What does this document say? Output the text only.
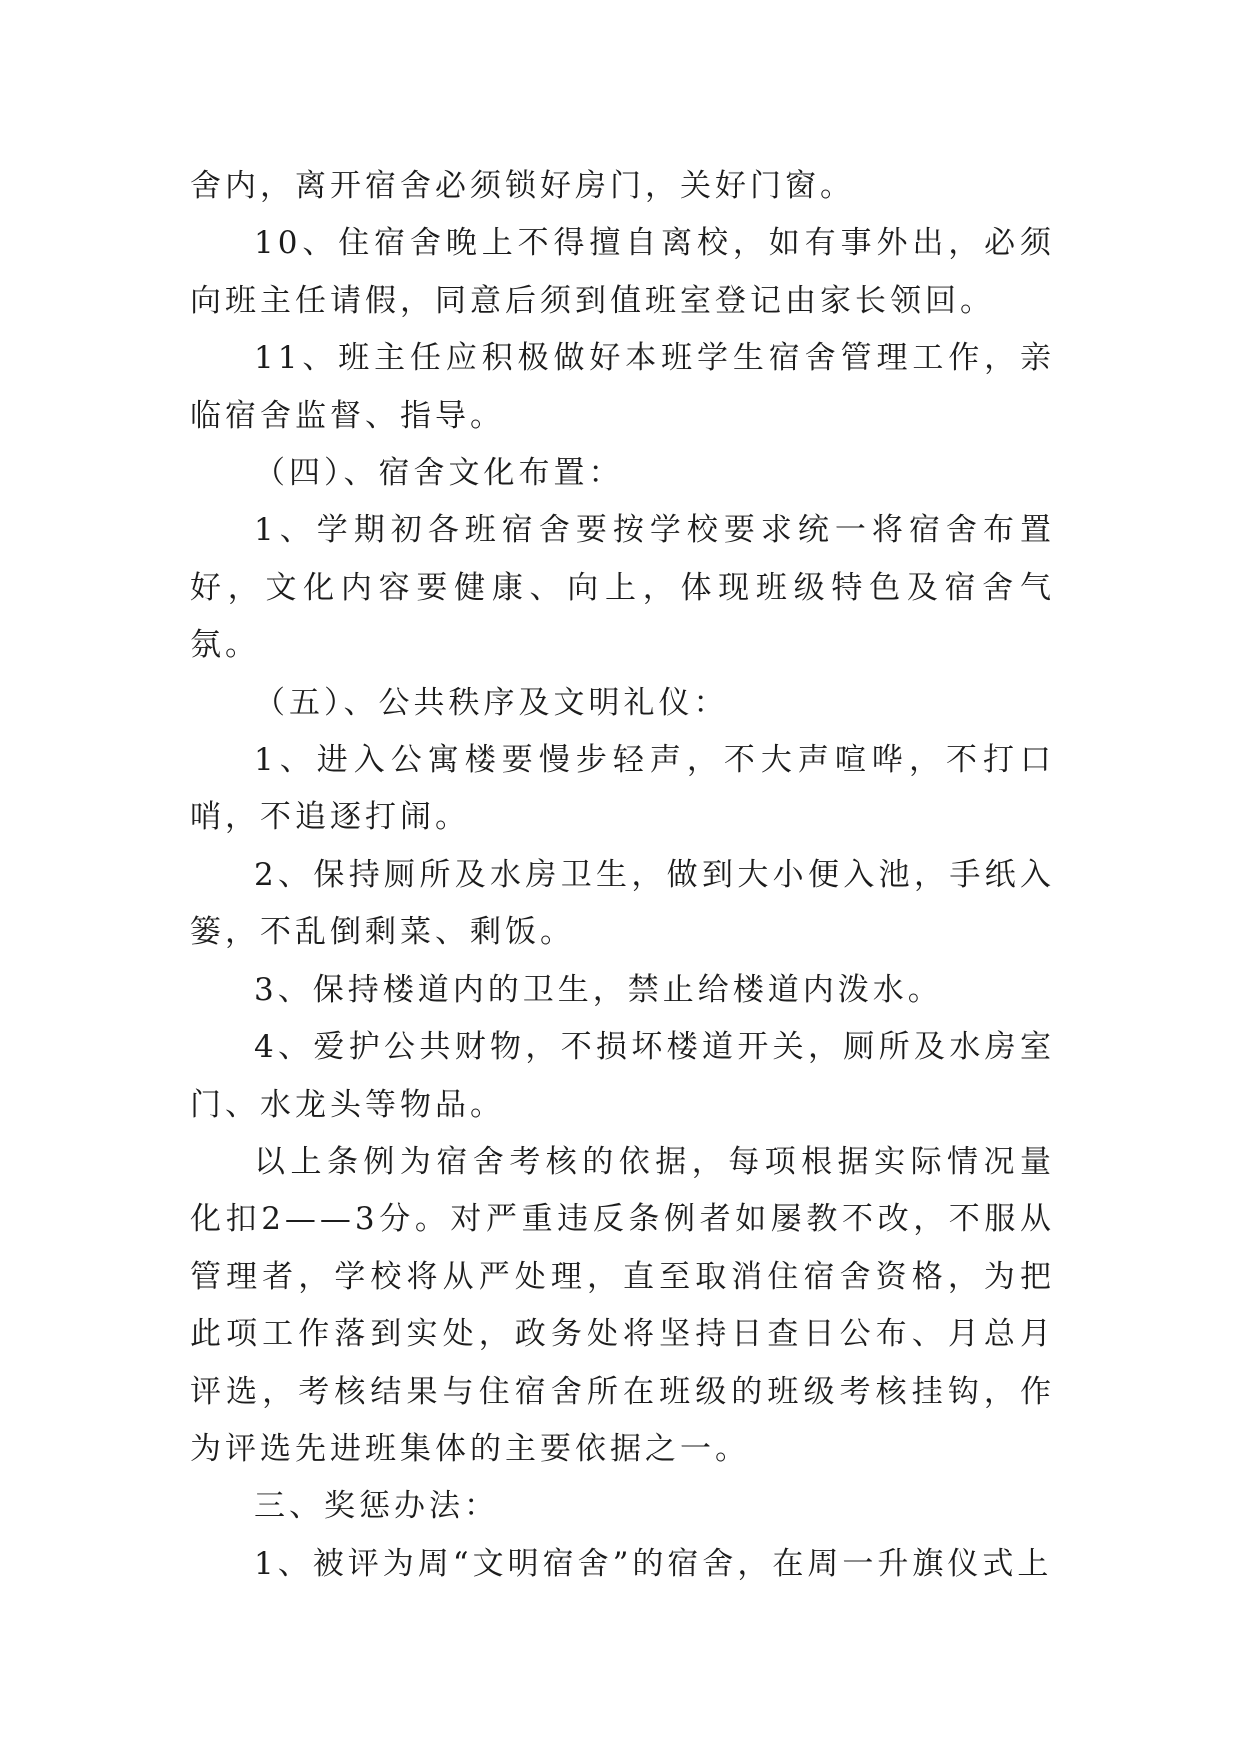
舍内，离开宿舍必须锁好房门，关好门窗。

10、住宿舍晚上不得擅自离校，如有事外出，必须向班主任请假，同意后须到值班室登记由家长领回。

11、班主任应积极做好本班学生宿舍管理工作，亲临宿舍监督、指导。

（四）、宿舍文化布置：

1、学期初各班宿舍要按学校要求统一将宿舍布置好，文化内容要健康、向上，体现班级特色及宿舍气氛。

（五）、公共秩序及文明礼仪：

1、进入公寓楼要慢步轻声，不大声喧哗，不打口哨，不追逐打闹。

2、保持厕所及水房卫生，做到大小便入池，手纸入篓，不乱倒剩菜、剩饭。

3、保持楼道内的卫生，禁止给楼道内泼水。

4、爱护公共财物，不损坏楼道开关，厕所及水房室门、水龙头等物品。

以上条例为宿舍考核的依据，每项根据实际情况量化扣2——3分。对严重违反条例者如屡教不改，不服从管理者，学校将从严处理，直至取消住宿舍资格，为把此项工作落到实处，政务处将坚持日查日公布、月总月评选，考核结果与住宿舍所在班级的班级考核挂钩，作为评选先进班集体的主要依据之一。

三、奖惩办法：

1、被评为周“文明宿舍”的宿舍，在周一升旗仪式上
